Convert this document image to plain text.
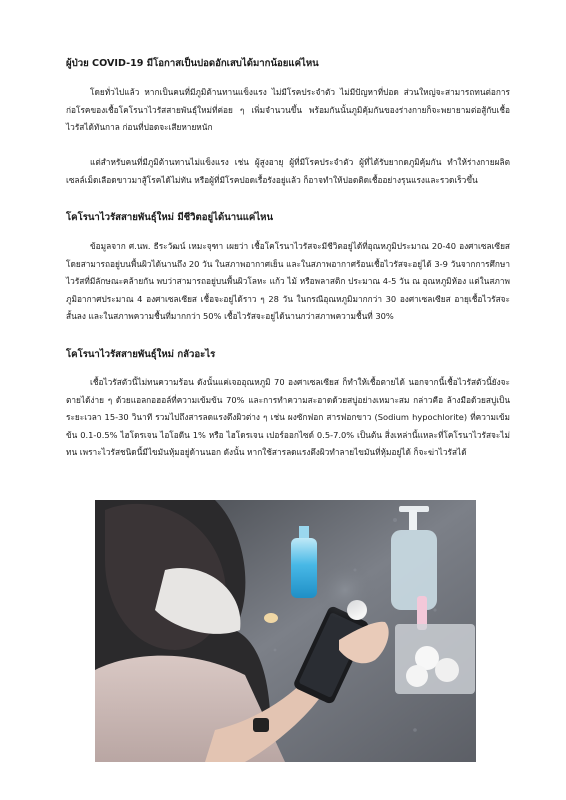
ผู้ป่วย COVID-19 มีโอกาสเป็นปอดอักเสบได้มากน้อยแค่ไหน

โดยทั่วไปแล้ว หากเป็นคนที่มีภูมิต้านทานแข็งแรง ไม่มีโรคประจำตัว ไม่มีปัญหาที่ปอด ส่วนใหญ่จะสามารถทนต่อการก่อโรคของเชื้อโคโรนาไวรัสสายพันธุ์ใหม่ที่ค่อย ๆ เพิ่มจำนวนขึ้น พร้อมกันนั้นภูมิคุ้มกันของร่างกายก็จะพยายามต่อสู้กับเชื้อไวรัสได้ทันกาล ก่อนที่ปอดจะเสียหายหนัก

แต่สำหรับคนที่มีภูมิต้านทานไม่แข็งแรง เช่น ผู้สูงอายุ ผู้ที่มีโรคประจำตัว ผู้ที่ได้รับยากดภูมิคุ้มกัน ทำให้ร่างกายผลิตเซลล์เม็ดเลือดขาวมาสู้โรคได้ไม่ทัน หรือผู้ที่มีโรคปอดเรื้อรังอยู่แล้ว ก็อาจทำให้ปอดติดเชื้ออย่างรุนแรงและรวดเร็วขึ้น

โคโรนาไวรัสสายพันธุ์ใหม่ มีชีวิตอยู่ได้นานแค่ไหน

ข้อมูลจาก ศ.นพ. ธีระวัฒน์ เหมะจุฑา เผยว่า เชื้อโคโรนาไวรัสจะมีชีวิตอยู่ได้ที่อุณหภูมิประมาณ 20-40 องศาเซลเซียส โดยสามารถอยู่บนพื้นผิวได้นานถึง 20 วัน ในสภาพอากาศเย็น และในสภาพอากาศร้อนเชื้อไวรัสจะอยู่ได้ 3-9 วันจากการศึกษาไวรัสที่มีลักษณะคล้ายกัน พบว่าสามารถอยู่บนพื้นผิวโลหะ แก้ว ไม้ หรือพลาสติก ประมาณ 4-5 วัน ณ อุณหภูมิห้อง แต่ในสภาพภูมิอากาศประมาณ 4 องศาเซลเซียส เชื้อจะอยู่ได้ราว ๆ 28 วัน ในกรณีอุณหภูมิมากกว่า 30 องศาเซลเซียส อายุเชื้อไวรัสจะสั้นลง และในสภาพความชื้นที่มากกว่า 50% เชื้อไวรัสจะอยู่ได้นานกว่าสภาพความชื้นที่ 30%

โคโรนาไวรัสสายพันธุ์ใหม่ กลัวอะไร

เชื้อไวรัสตัวนี้ไม่ทนความร้อน ดังนั้นแค่เจออุณหภูมิ 70 องศาเซลเซียส ก็ทำให้เชื้อตายได้ นอกจากนี้เชื้อไวรัสตัวนี้ยังจะตายได้ง่าย ๆ ด้วยแอลกอฮอล์ที่ความเข้มข้น 70% และการทำความสะอาดด้วยสบู่อย่างเหมาะสม กล่าวคือ ล้างมือด้วยสบู่เป็นระยะเวลา 15-30 วินาที รวมไปถึงสารลดแรงตึงผิวต่าง ๆ เช่น ผงซักฟอก สารฟอกขาว (Sodium hypochlorite) ที่ความเข้มข้น 0.1-0.5% ไฮโดรเจน ไอโอดีน 1% หรือ ไฮโดรเจน เปอร์ออกไซด์ 0.5-7.0% เป็นต้น สิ่งเหล่านี้แหละที่โคโรนาไวรัสจะไม่ทน เพราะไวรัสชนิดนี้มีไขมันหุ้มอยู่ด้านนอก ดังนั้น หากใช้สารลดแรงตึงผิวทำลายไขมันที่หุ้มอยู่ได้ ก็จะฆ่าไวรัสได้
